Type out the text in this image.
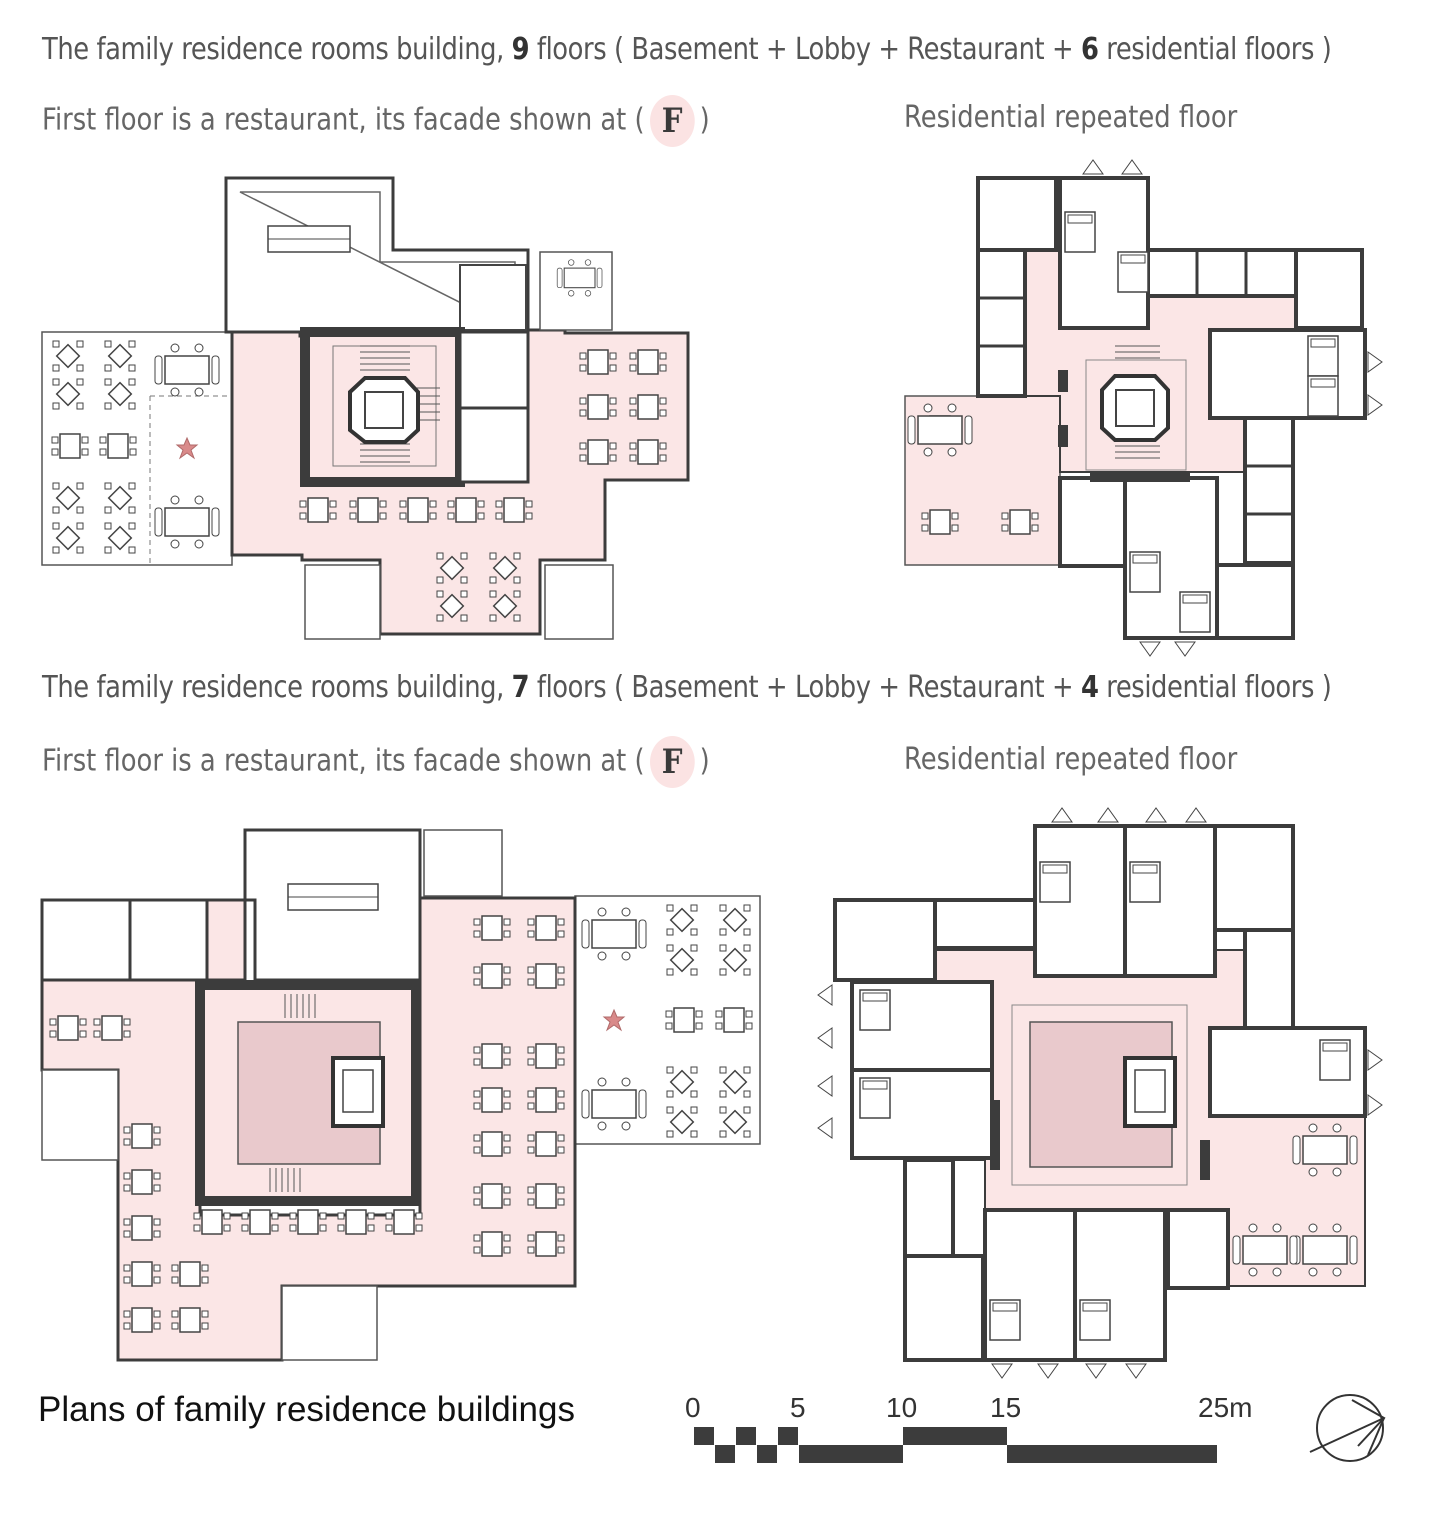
The family residence rooms building, 9 floors ( Basement + Lobby + Restaurant + 6 residential floors )
First floor is a restaurant, its facade shown at ( F )	Residential repeated floor
The family residence rooms building, 7 floors ( Basement + Lobby + Restaurant + 4 residential floors )
First floor is a restaurant, its facade shown at ( F )	Residential repeated floor
0	5	10	15	25m
Plans of family residence buildings
